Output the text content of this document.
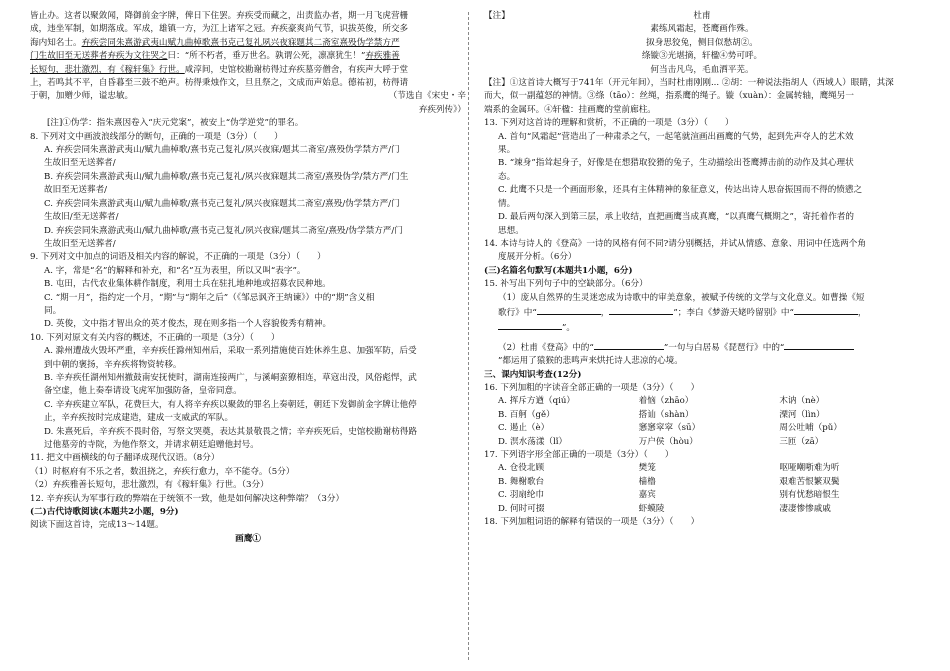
皆止办。这者以聚敛闻，降御前金字牌，俾日下住罢。弃疾受而藏之，出责监办者，期一月飞虎营栅

成，违坐军制，如期落成。军成，雄镇一方，为江上诸军之冠。弃疾豪爽尚气节，识拔英俊，所交多

海内知名士。弃疾尝同朱熹游武夷山赋九曲棹歌熹书克己复礼夙兴夜寐题其二斋室熹殁伪学禁方严

门生故旧至无送葬者弃疾为文往哭之曰：“所不朽者，垂万世名。孰谓公死，凛凛犹生！”弃疾雅善

长短句，悲壮激烈，有《稼轩集》行世。咸淳间，史馆校勘谢枋得过弃疾墓旁僧舍，有疾声大呼于堂

上，若鸣其不平，自昏暮至三鼓不绝声。枋得秉烛作文，旦且祭之，文成而声始息。德祐初，枋得请

于朝，加赠少师，谥忠敏。	（节选自《宋史・辛

弃疾列传》）

[注]①伪学：指朱熹因卷入“庆元党案”，被安上“伪学逆党”的罪名。

8. 下列对文中画波浪线部分的断句，正确的一项是（3分）（　　）

A. 弃疾尝同朱熹游武夷山/赋九曲棹歌/熹书克己复礼/夙兴夜寐/题其二斋室/熹殁伪学禁方严/门

生故旧至无送葬者/

B. 弃疾尝同朱熹游武夷山/赋九曲棹歌/熹书克己复礼/夙兴夜寐题其二斋室/熹殁伪学/禁方严/门生

故旧至无送葬者/

C. 弃疾尝同朱熹游武夷山/赋九曲棹歌/熹书克己复礼/夙兴夜寐题其二斋室/熹殁/伪学禁方严/门

生故旧/至无送葬者/

D. 弃疾尝同朱熹游武夷山/赋九曲棹歌/熹书克己复礼/夙兴夜寐/题其二斋室/熹殁/伪学禁方严/门

生故旧至无送葬者/

9. 下列对文中加点的词语及相关内容的解说，不正确的一项是（3分）（　　）

A. 字，常是“名”的解释和补充，和“名”互为表里，所以又叫“表字”。

B. 屯田，古代农业集体耕作制度，利用士兵在驻扎地种地或招募农民种地。

C. “期一月”，指约定一个月，“期”与“期年之后”（《邹忌讽齐王纳谏》）中的“期”含义相

同。

D. 英俊，文中指才智出众的英才俊杰，现在则多指一个人容貌俊秀有精神。

10. 下列对原文有关内容的概述，不正确的一项是（3分）（　　）

A. 滁州遭战火毁坏严重，辛弃疾任滁州知州后，采取一系列措施使百姓休养生息、加强军防，后受

到中朝的褒扬，辛弃疾将物资转移。

B. 辛弃疾任湖州知州撤鼓南安抚使时，湖南连接两广，与溪峒蛮獠相连，草寇出没，风俗彪悍，武

备空虚，他上奏奉请设飞虎军加强防备，皇帝同意。

C. 辛弃疾建立军队，花费巨大，有人将辛弃疾以聚敛的罪名上奏朝廷，朝廷下发御前金字牌让他停

止，辛弃疾按时完成建造，建成一支威武的军队。

D. 朱熹死后，辛弃疾不畏时俗，写祭文哭奠，表达其景敬畏之情；辛弃疾死后，史馆校勘谢枋得路

过他墓旁的寺院，为他作祭文，并请求朝廷追赠他封号。

11. 把文中画横线的句子翻译成现代汉语。（8分）

（1）时枢府有不乐之者，数沮挠之，弃疾行愈力，卒不能夺。（5分）

（2）弃疾雅善长短句，悲壮激烈，有《稼轩集》行世。（3分）

12. 辛弃疾认为军事行政的弊端在于统领不一致，他是如何解决这种弊端？（3分）

(二)古代诗歌阅读(本题共2小题，9分)

阅读下面这首诗，完成13～14题。

画鹰①

【注】	杜甫

素练风霜起，苍鹰画作殊。

㧐身思狡兔，侧目似愁胡②。

绦镟③光堪摘，轩楹④势可呼。

何当击凡鸟，毛血洒平芜。

【注】①这首诗大概写于741年（开元年间），当时杜甫刚刚... ②胡：一种说法指胡人（西域人）眼睛，其深

而大，似一副蕴怒的神情。③绦（tāo）：丝绳，指系鹰的绳子。镟（xuàn）：金属转轴，鹰绳另一

端系的金属环。④轩楹：挂画鹰的堂前廊柱。

13. 下列对这首诗的理解和赏析，不正确的一项是（3分）（　　）

A. 首句“风霜起”营造出了一种肃杀之气，一起笔就渲画出画鹰的气势，起到先声夺人的艺术效

果。

B. “竦身”指耸起身子，好像是在想猎取狡猾的兔子，生动描绘出苍鹰搏击前的动作及其心理状

态。

C. 此鹰不只是一个画面形象，还具有主体精神的象征意义，传达出诗人思奋振国而不得的愤懑之

情。

D. 最后两句深入到第三层，承上收结，直把画鹰当成真鹰，“以真鹰气概期之”，寄托着作者的

思想。

14. 本诗与诗人的《登高》一诗的风格有何不同?请分别概括，并试从情感、意象、用词中任选两个角

度展开分析。（6分）

(三)名篇名句默写(本题共1小题，6分)

15. 补写出下列句子中的空缺部分。（6分）

（1）庞从自然界的生灵迷恋成为诗歌中的审美意象，被赋予传统的文学与文化意义。如曹操《短

歌行》中“	，	”；李白《梦游天姥吟留别》中“	，”。

（2）杜甫《登高》中的“	”一句与白居易《琵琶行》中的“

”都运用了猿猴的悲鸣声来烘托诗人悲凉的心境。

三、课内知识考查(12分)

16. 下列加粗的字读音全部正确的一项是（3分）（　　）

A. 挥斥方遒（qiú）	着恼（zhāo）	木讷（nè）
B. 百舸（gě）	搭讪（shàn）	溧河（lìn）
C. 遏止（è）	窸窸窣窣（sū）	周公吐哺（pǔ）
D. 溟水荡漾（lǐ）	万户侯（hòu）	三匝（zā）

17. 下列语字形全部正确的一项是（3分）（　　）

A. 仓役北顾	樊笼	呕哑嘲哳难为听
B. 舞榭歌台	樯橹	艰难苦恨繁双鬓
C. 羽扇纶巾	嘉宾	别有忧愁暗恨生
D. 何时可掇	虾蟆陵	凄凄惨惨戚戚

18. 下列加粗词语的解释有错误的一项是（3分）（　　）
